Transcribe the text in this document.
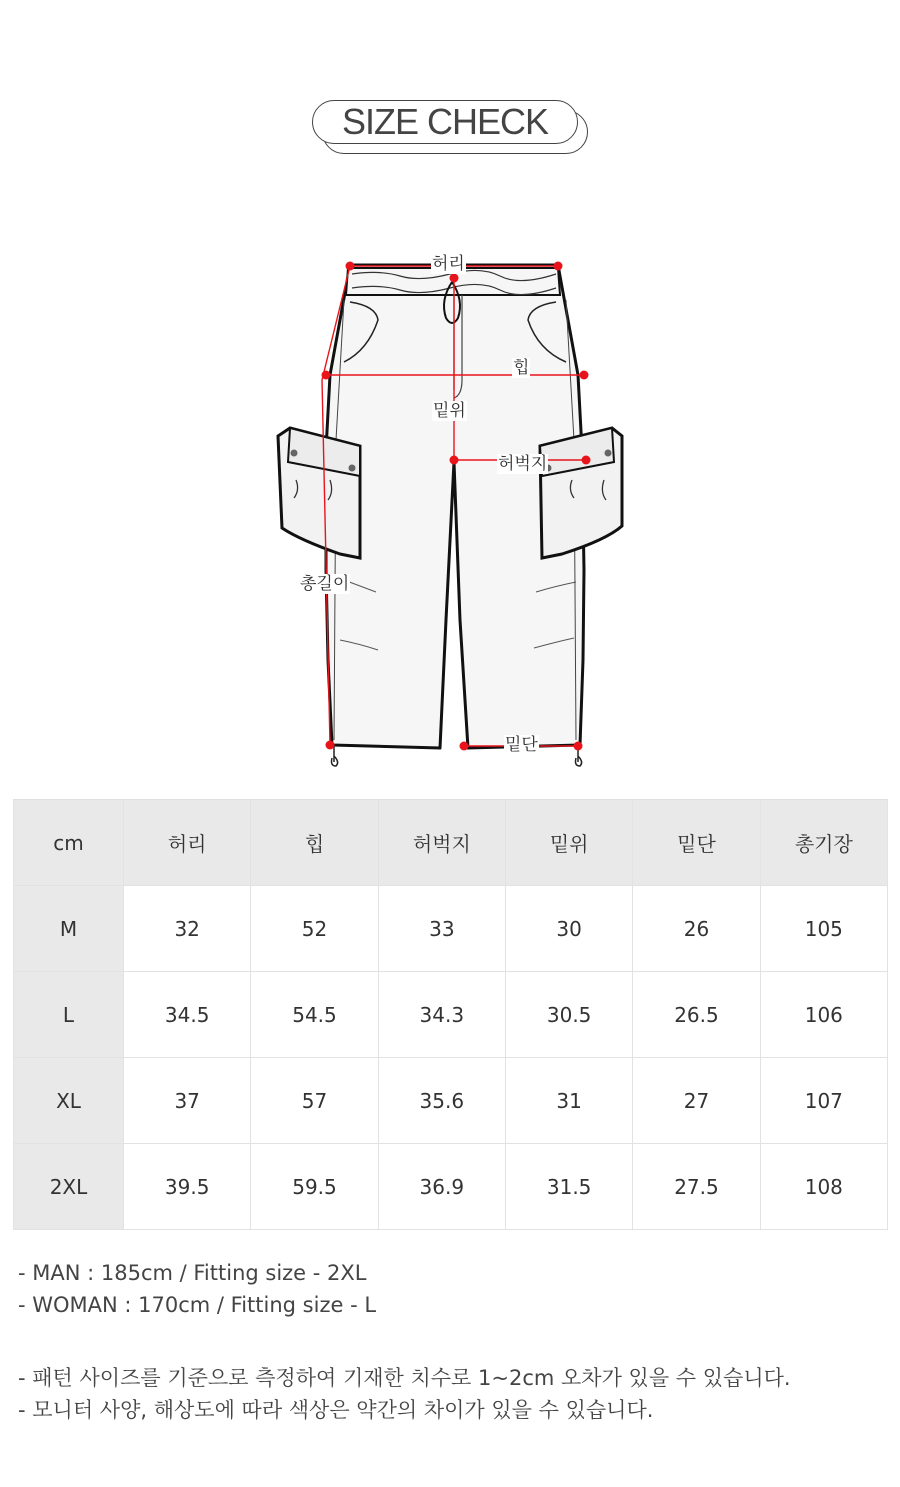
SIZE CHECK
허리
힙
밑위
허벅지
총길이
밑단
cm	허리	힙	허벅지	밑위	밑단	총기장
M	32	52	33	30	26	105
L	34.5	54.5	34.3	30.5	26.5	106
XL	37	57	35.6	31	27	107
2XL	39.5	59.5	36.9	31.5	27.5	108

- MAN : 185cm / Fitting size - 2XL

- WOMAN : 170cm / Fitting size - L

- 패턴 사이즈를 기준으로 측정하여 기재한 치수로 1~2cm 오차가 있을 수 있습니다.

- 모니터 사양, 해상도에 따라 색상은 약간의 차이가 있을 수 있습니다.
